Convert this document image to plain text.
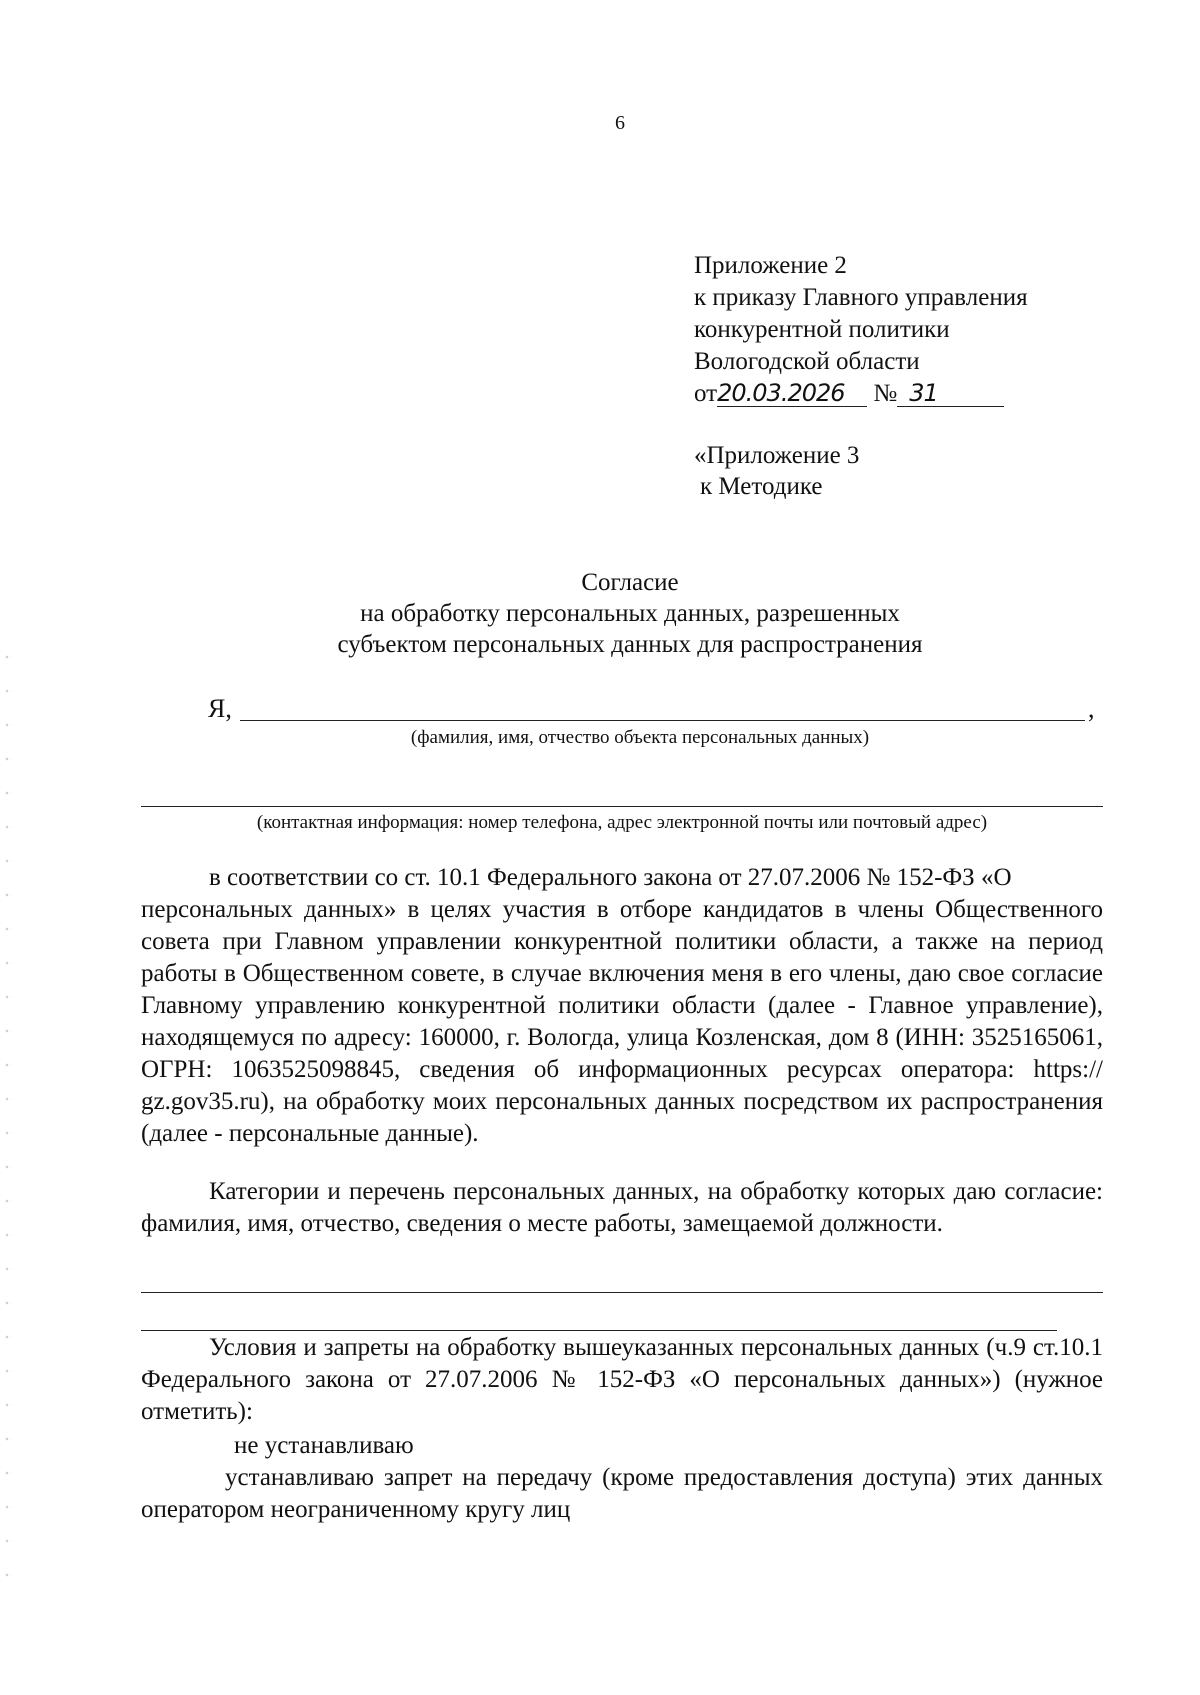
6
Приложение 2
к приказу Главного управления
конкурентной политики
Вологодской области
от20.03.2026 № 31
«Приложение 3
к Методике
Согласие
на обработку персональных данных, разрешенных
субъектом персональных данных для распространения
Я,	,
(фамилия, имя, отчество объекта персональных данных)
(контактная информация: номер телефона, адрес электронной почты или почтовый адрес)
в соответствии со ст. 10.1 Федерального закона от 27.07.2006 № 152-ФЗ «О
персональных данных» в целях участия в отборе кандидатов в члены Общественного совета при Главном управлении конкурентной политики области, а также на период работы в Общественном совете, в случае включения меня в его члены, даю свое согласие Главному управлению конкурентной политики области (далее - Главное управление), находящемуся по адресу: 160000, г. Вологда, улица Козленская, дом 8 (ИНН: 3525165061, ОГРН: 1063525098845, сведения об информационных ресурсах оператора: https:// gz.gov35.ru), на обработку моих персональных данных посредством их распространения (далее - персональные данные).
Категории и перечень персональных данных, на обработку которых даю согласие: фамилия, имя, отчество, сведения о месте работы, замещаемой должности.
Условия и запреты на обработку вышеуказанных персональных данных (ч.9 ст.10.1 Федерального закона от 27.07.2006 № 152-ФЗ «О персональных данных») (нужное отметить):
не устанавливаю
устанавливаю запрет на передачу (кроме предоставления доступа) этих данных оператором неограниченному кругу лиц
